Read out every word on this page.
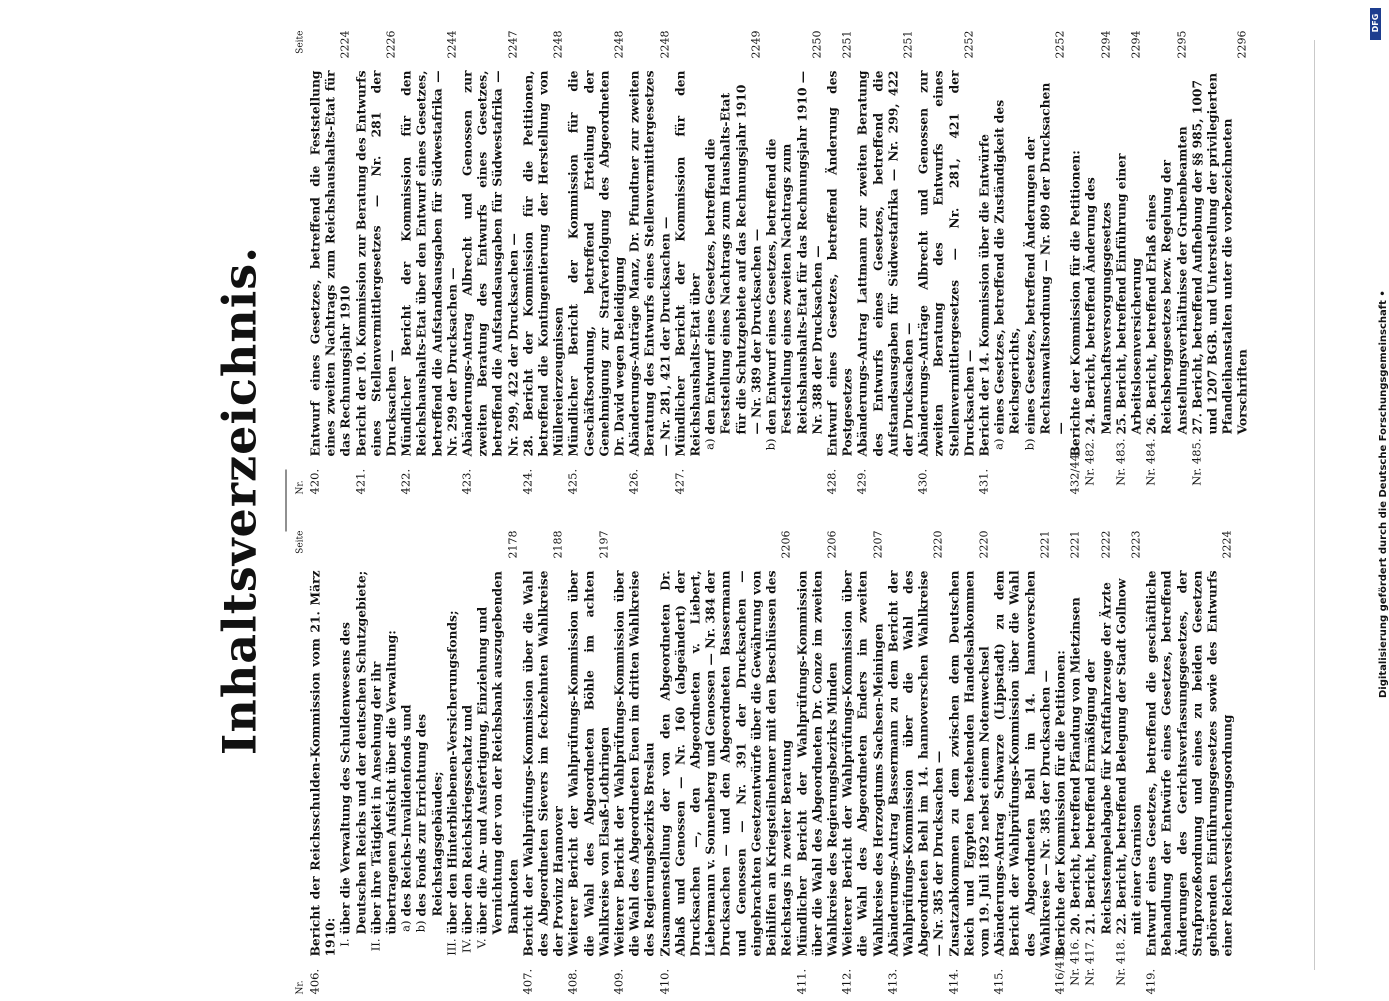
Inhaltsverzeichnis.
Nr.
Seite
406.
Bericht der Reichsschulden-Kommission vom 21. März 1910: I.
über die Verwaltung des Schuldenwesens des Deutschen Reichs und der deutschen Schutzgebiete;
II.
über ihre Tätigkeit in Ansehung der ihr übertragenen Aufsicht über die Verwaltung: a)
des Reichs-Invalidenfonds und
b)
des Fonds zur Errichtung des Reichstagsgebäudes;
III.
über den Hinterbliebenen-Versicherungsfonds;
IV.
über den Reichskriegsschatz und
V.
über die An- und Ausfertigung, Einziehung und Vernichtung der von der Reichsbank auszugebenden Banknoten
2178
407.
Bericht der Wahlprüfungs-Kommission über die Wahl des Abgeordneten Sievers im fechzehnten Wahlkreise der Provinz Hannover
2188
408.
Weiterer Bericht der Wahlprüfungs-Kommission über die Wahl des Abgeordneten Böhle im achten Wahlkreise von Elsaß-Lothringen
2197
409.
Weiterer Bericht der Wahlprüfungs-Kommission über die Wahl des Abgeordneten Euen im dritten Wahlkreise des Regierungsbezirks Breslau
410.
Zusammenstellung der von den Abgeordneten Dr. Ablaß und Genossen — Nr. 160 (abgeändert) der Drucksachen —, den Abgeordneten v. Liebert, Liebermann v. Sonnenberg und Genossen — Nr. 384 der Drucksachen — und den Abgeordneten Bassermann und Genossen — Nr. 391 der Drucksachen — eingebrachten Gesetzentwürfe über die Gewährung von Beihilfen an Kriegsteilnehmer mit den Beschlüssen des Reichstags in zweiter Beratung
2206
411.
Mündlicher Bericht der Wahlprüfungs-Kommission über die Wahl des Abgeordneten Dr. Conze im zweiten Wahlkreise des Regierungsbezirks Minden
2206
412.
Weiterer Bericht der Wahlprüfungs-Kommission über die Wahl des Abgeordneten Enders im zweiten Wahlkreise des Herzogtums Sachsen-Meiningen
2207
413.
Abänderungs-Antrag Bassermann zu dem Bericht der Wahlprüfungs-Kommission über die Wahl des Abgeordneten Behl im 14. hannoverschen Wahlkreise — Nr. 385 der Drucksachen —
2220
414.
Zusatzabkommen zu dem zwischen dem Deutschen Reich und Egypten bestehenden Handelsabkommen vom 19. Juli 1892 nebst einem Notenwechsel
2220
415.
Abänderungs-Antrag Schwarze (Lippstadt) zu dem Bericht der Wahlprüfungs-Kommission über die Wahl des Abgeordneten Behl im 14. hannoverschen Wahlkreise — Nr. 385 der Drucksachen —
2221
416/418.
Berichte der Kommission für die Petitionen:
Nr. 416.
20. Bericht, betreffend Pfändung von Mietzinsen
2221
Nr. 417.
21. Bericht, betreffend Ermäßigung der Reichsstempelabgabe für Kraftfahrzeuge der Ärzte
2222
Nr. 418.
22. Bericht, betreffend Belegung der Stadt Gollnow mit einer Garnison
2223
419.
Entwurf eines Gesetzes, betreffend die geschäftliche Behandlung der Entwürfe eines Gesetzes, betreffend Änderungen des Gerichtsverfassungsgesetzes, der Strafprozeßordnung und eines zu beiden Gesetzen gehörenden Einführungsgesetzes sowie des Entwurfs einer Reichsversicherungsordnung
2224
Nr.
Seite
420.
Entwurf eines Gesetzes, betreffend die Feststellung eines zweiten Nachtrags zum Reichshaushalts-Etat für das Rechnungsjahr 1910
2224
421.
Bericht der 10. Kommission zur Beratung des Entwurfs eines Stellenvermittlergesetzes — Nr. 281 der Drucksachen —
2226
422.
Mündlicher Bericht der Kommission für den Reichshaushalts-Etat über den Entwurf eines Gesetzes, betreffend die Aufstandsausgaben für Südwestafrika — Nr. 299 der Drucksachen —
2244
423.
Abänderungs-Antrag Albrecht und Genossen zur zweiten Beratung des Entwurfs eines Gesetzes, betreffend die Aufstandsausgaben für Südwestafrika — Nr. 299, 422 der Drucksachen —
2247
424.
28. Bericht der Kommission für die Petitionen, betreffend die Kontingentierung der Herstellung von Müllereierzeugnissen
2248
425.
Mündlicher Bericht der Kommission für die Geschäftsordnung, betreffend Erteilung der Genehmigung zur Strafverfolgung des Abgeordneten Dr. David wegen Beleidigung
2248
426.
Abänderungs-Anträge Manz, Dr. Pfundtner zur zweiten Beratung des Entwurfs eines Stellenvermittlergesetzes — Nr. 281, 421 der Drucksachen —
2248
427.
Mündlicher Bericht der Kommission für den Reichshaushalts-Etat über a)
den Entwurf eines Gesetzes, betreffend die Feststellung eines Nachtrags zum Haushalts-Etat für die Schutzgebiete auf das Rechnungsjahr 1910 — Nr. 389 der Drucksachen —
2249
b)
den Entwurf eines Gesetzes, betreffend die Feststellung eines zweiten Nachtrags zum Reichshaushalts-Etat für das Rechnungsjahr 1910 — Nr. 388 der Drucksachen —
2250
428.
Entwurf eines Gesetzes, betreffend Änderung des Postgesetzes
2251
429.
Abänderungs-Antrag Lattmann zur zweiten Beratung des Entwurfs eines Gesetzes, betreffend die Aufstandsausgaben für Südwestafrika — Nr. 299, 422 der Drucksachen —
2251
430.
Abänderungs-Anträge Albrecht und Genossen zur zweiten Beratung des Entwurfs eines Stellenvermittlergesetzes — Nr. 281, 421 der Drucksachen —
2252
431.
Bericht der 14. Kommission über die Entwürfe a)
eines Gesetzes, betreffend die Zuständigkeit des Reichsgerichts,
b)
eines Gesetzes, betreffend Änderungen der Rechtsanwaltsordnung — Nr. 809 der Drucksachen —
2252
432/443.
Berichte der Kommission für die Petitionen:
Nr. 482.
24. Bericht, betreffend Änderung des Mannschaftsversorgungsgesetzes
2294
Nr. 483.
25. Bericht, betreffend Einführung einer Arbeitslosenversicherung
2294
Nr. 484.
26. Bericht, betreffend Erlaß eines Reichsberggesetzes bezw. Regelung der Anstellungsverhältnisse der Grubenbeamten
2295
Nr. 485.
27. Bericht, betreffend Aufhebung der §§ 985, 1007 und 1207 BGB. und Unterstellung der privilegierten Pfandleihanstalten unter die vorbezeichneten Vorschriften
2296
DFG
Digitalisierung gefördert durch die Deutsche Forschungsgemeinschaft •
